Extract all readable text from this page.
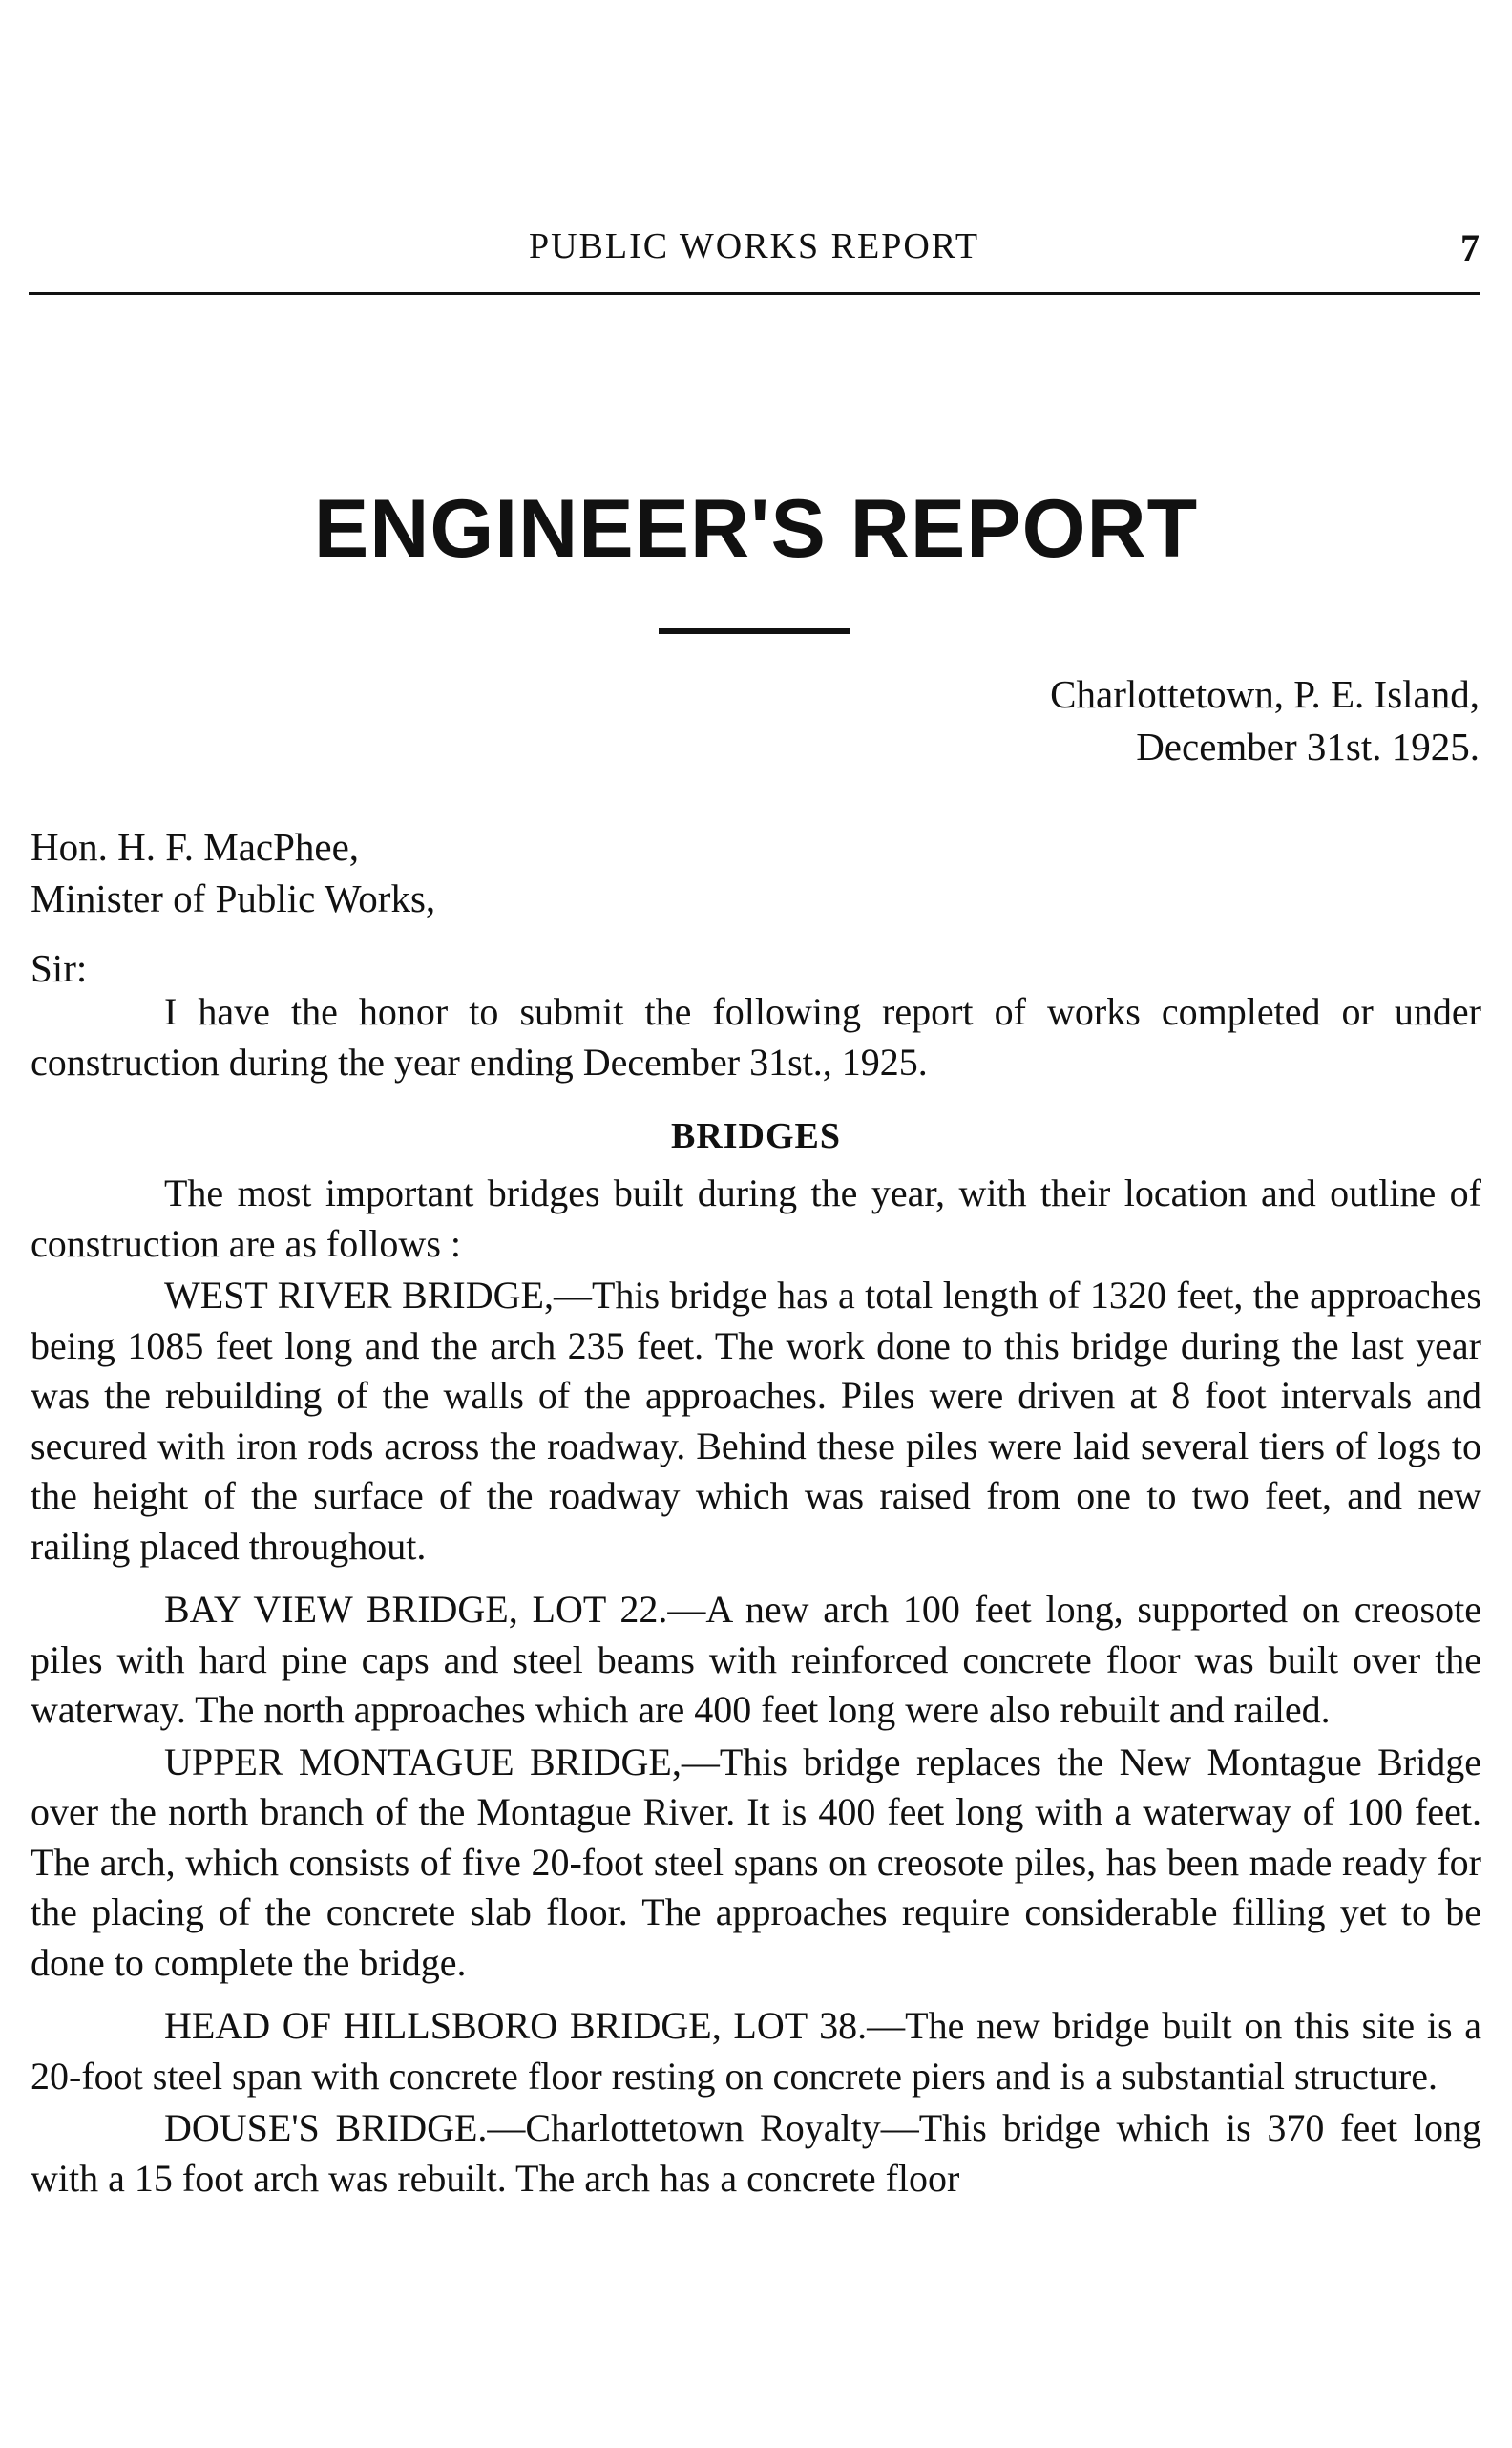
PUBLIC WORKS REPORT	7
ENGINEER'S REPORT
Charlottetown, P. E. Island,
December 31st. 1925.
Hon. H. F. MacPhee,
Minister of Public Works,
Sir:

I have the honor to submit the following report of works completed or under construction during the year ending December 31st., 1925.

BRIDGES

The most important bridges built during the year, with their location and outline of construction are as follows :

WEST RIVER BRIDGE,—This bridge has a total length of 1320 feet, the approaches being 1085 feet long and the arch 235 feet. The work done to this bridge during the last year was the rebuilding of the walls of the approaches. Piles were driven at 8 foot intervals and secured with iron rods across the roadway. Behind these piles were laid several tiers of logs to the height of the surface of the roadway which was raised from one to two feet, and new railing placed throughout.

BAY VIEW BRIDGE, LOT 22.—A new arch 100 feet long, supported on creosote piles with hard pine caps and steel beams with reinforced concrete floor was built over the waterway. The north approaches which are 400 feet long were also rebuilt and railed.

UPPER MONTAGUE BRIDGE,—This bridge replaces the New Montague Bridge over the north branch of the Montague River. It is 400 feet long with a waterway of 100 feet. The arch, which consists of five 20-foot steel spans on creosote piles, has been made ready for the placing of the concrete slab floor. The approaches require considerable filling yet to be done to complete the bridge.

HEAD OF HILLSBORO BRIDGE, LOT 38.—The new bridge built on this site is a 20-foot steel span with concrete floor resting on concrete piers and is a substantial structure.

DOUSE'S BRIDGE.—Charlottetown Royalty—This bridge which is 370 feet long with a 15 foot arch was rebuilt. The arch has a concrete floor
